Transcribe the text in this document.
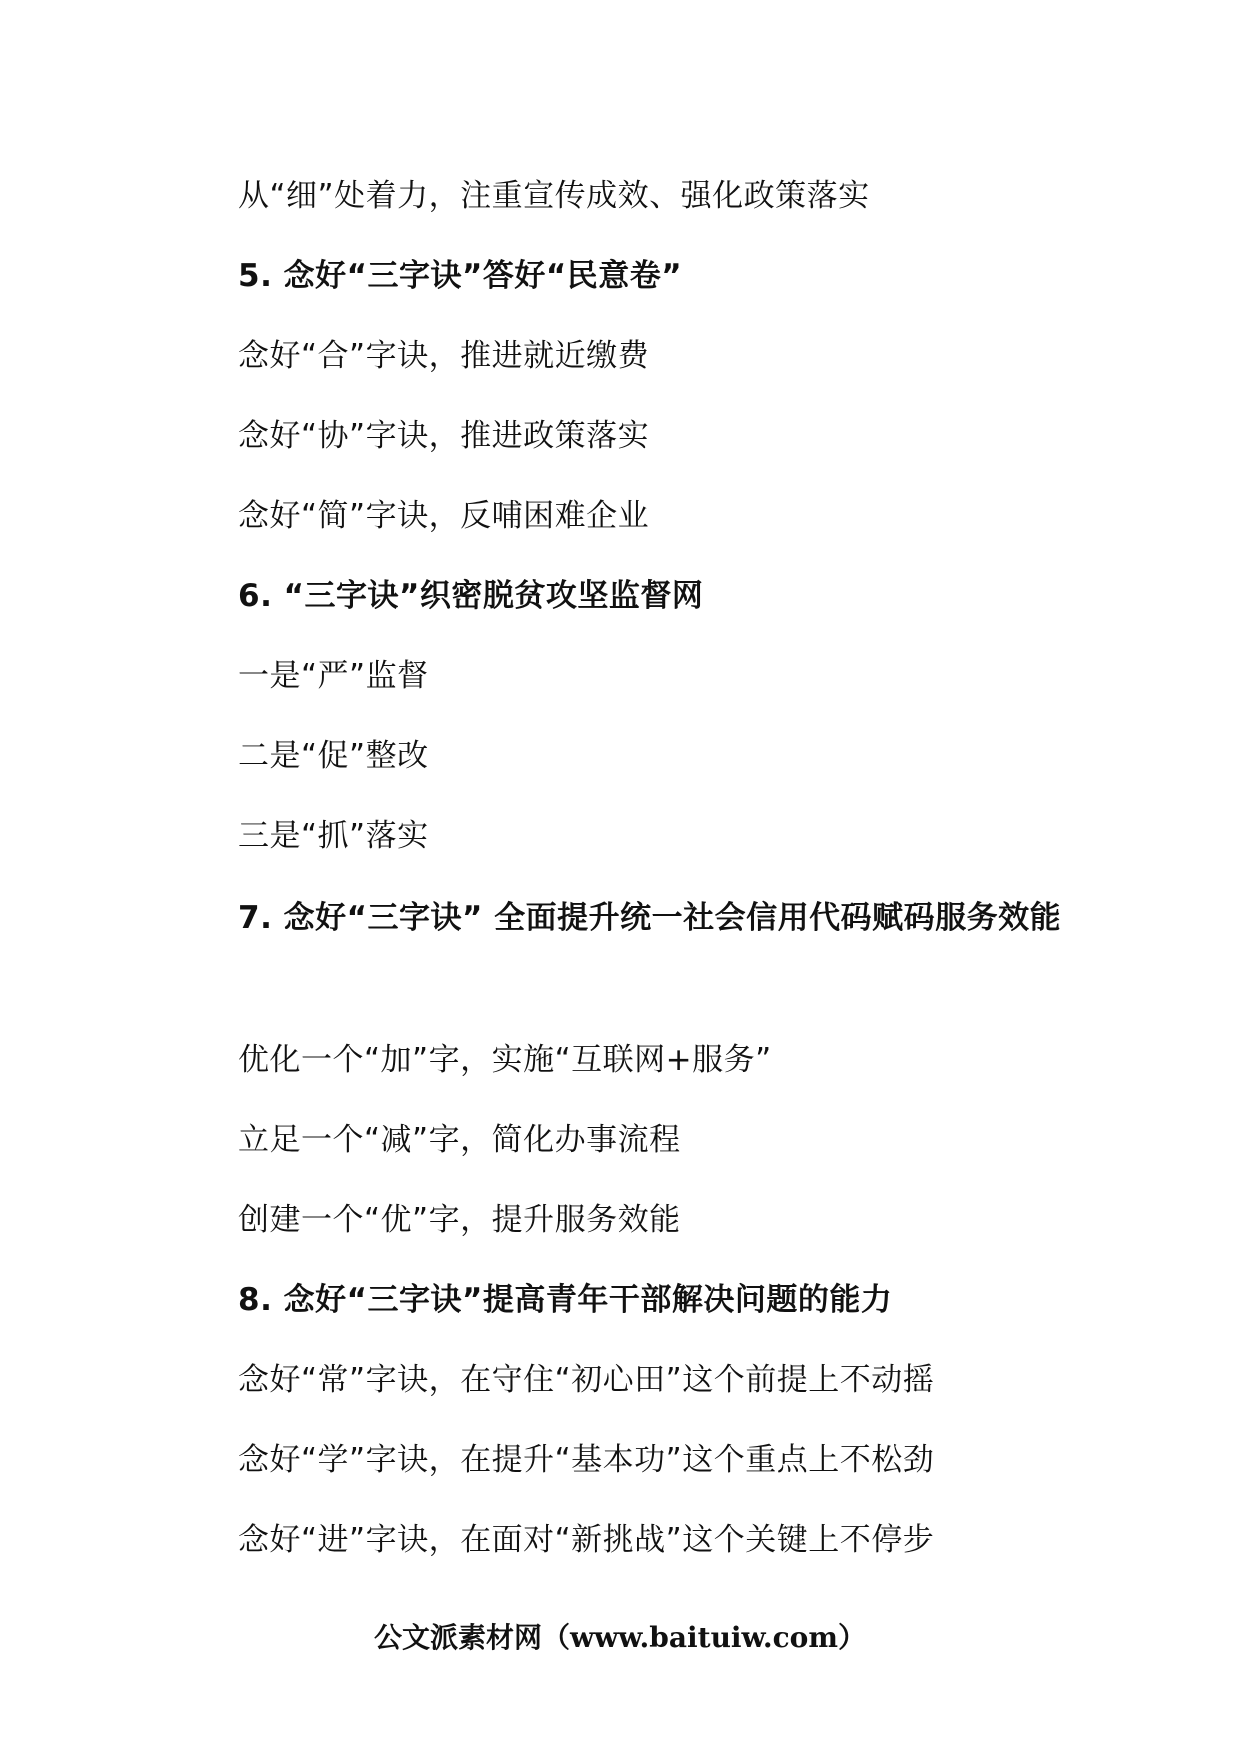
从“细”处着力，注重宣传成效、强化政策落实
5. 念好“三字诀”答好“民意卷”
念好“合”字诀，推进就近缴费
念好“协”字诀，推进政策落实
念好“简”字诀，反哺困难企业
6. “三字诀”织密脱贫攻坚监督网
一是“严”监督
二是“促”整改
三是“抓”落实
7. 念好“三字诀” 全面提升统一社会信用代码赋码服务效能
优化一个“加”字，实施“互联网+服务”
立足一个“减”字，简化办事流程
创建一个“优”字，提升服务效能
8. 念好“三字诀”提高青年干部解决问题的能力
念好“常”字诀，在守住“初心田”这个前提上不动摇
念好“学”字诀，在提升“基本功”这个重点上不松劲
念好“进”字诀，在面对“新挑战”这个关键上不停步
公文派素材网（www.baituiw.com）
